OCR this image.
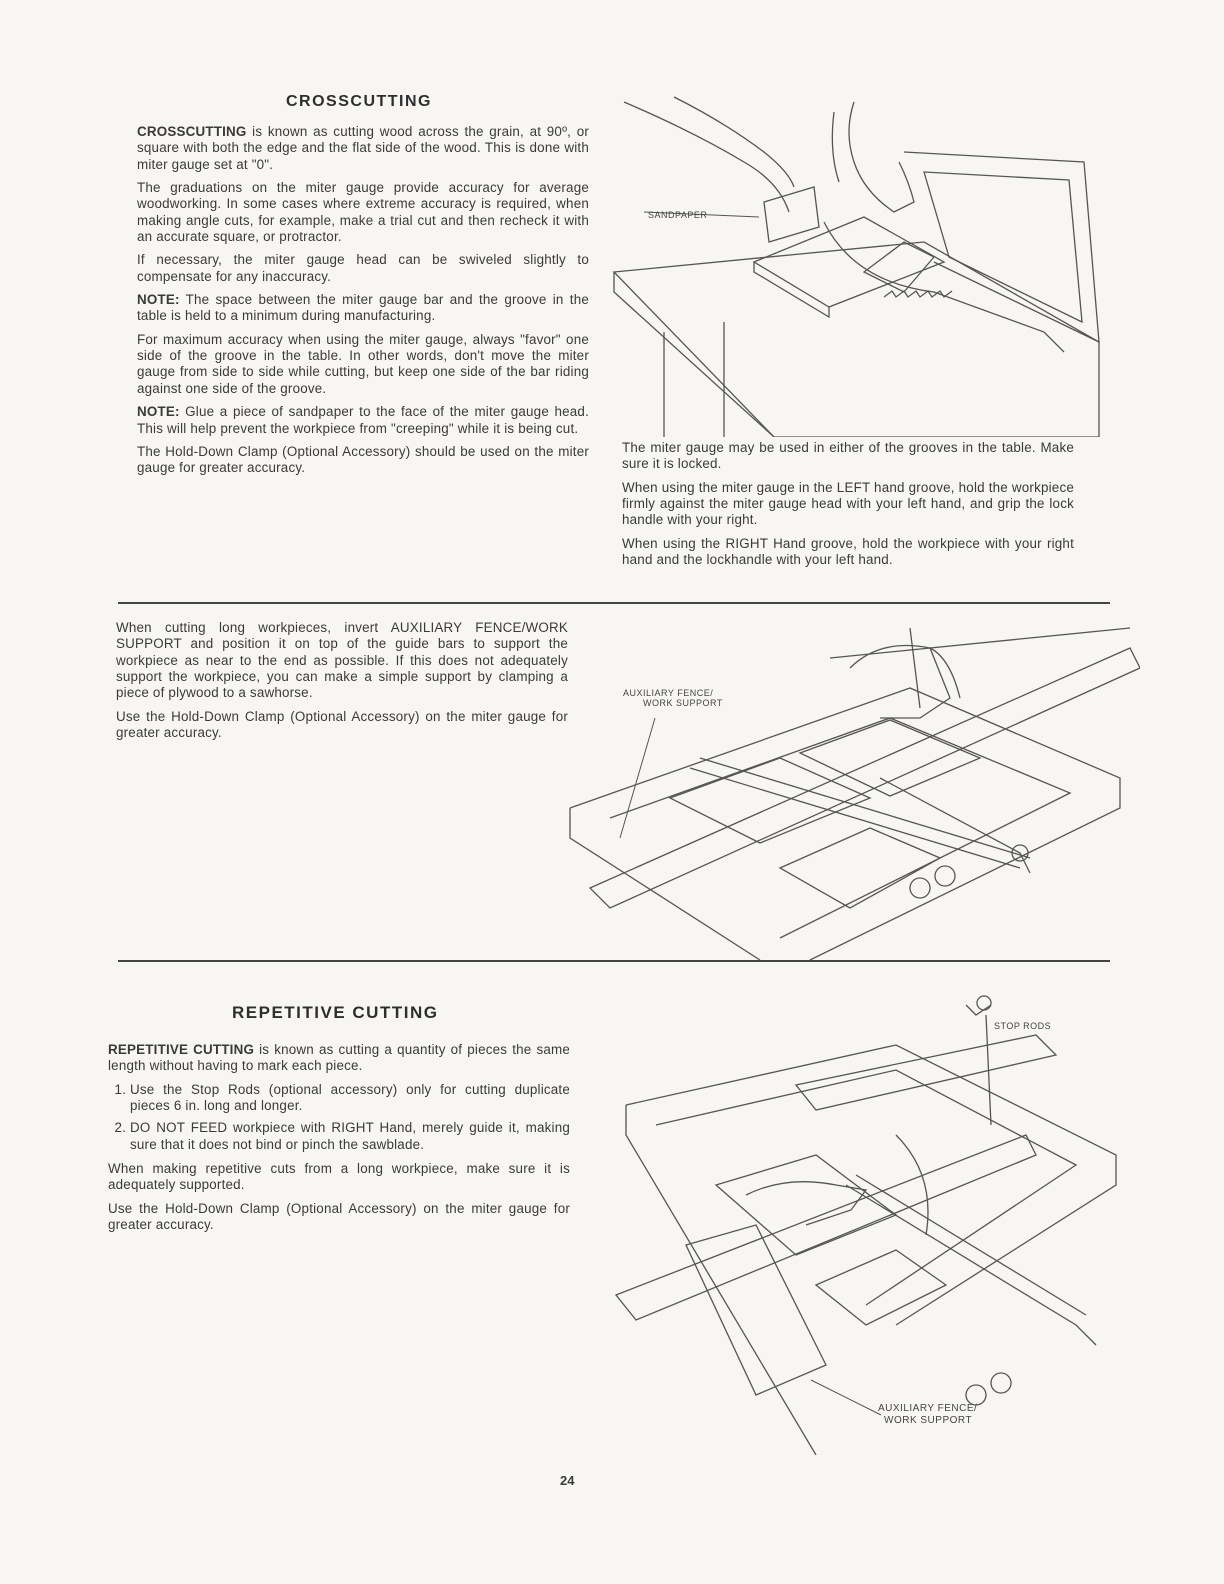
CROSSCUTTING

CROSSCUTTING is known as cutting wood across the grain, at 90º, or square with both the edge and the flat side of the wood. This is done with miter gauge set at "0".

The graduations on the miter gauge provide accuracy for average woodworking. In some cases where extreme accuracy is required, when making angle cuts, for example, make a trial cut and then recheck it with an accurate square, or protractor.

If necessary, the miter gauge head can be swiveled slightly to compensate for any inaccuracy.

NOTE: The space between the miter gauge bar and the groove in the table is held to a minimum during manufacturing.

For maximum accuracy when using the miter gauge, always "favor" one side of the groove in the table. In other words, don't move the miter gauge from side to side while cutting, but keep one side of the bar riding against one side of the groove.

NOTE: Glue a piece of sandpaper to the face of the miter gauge head. This will help prevent the workpiece from "creeping" while it is being cut.

The Hold-Down Clamp (Optional Accessory) should be used on the miter gauge for greater accuracy.

SANDPAPER

The miter gauge may be used in either of the grooves in the table. Make sure it is locked.

When using the miter gauge in the LEFT hand groove, hold the workpiece firmly against the miter gauge head with your left hand, and grip the lock handle with your right.

When using the RIGHT Hand groove, hold the workpiece with your right hand and the lockhandle with your left hand.

When cutting long workpieces, invert AUXILIARY FENCE/WORK SUPPORT and position it on top of the guide bars to support the workpiece as near to the end as possible. If this does not adequately support the workpiece, you can make a simple support by clamping a piece of plywood to a sawhorse.

Use the Hold-Down Clamp (Optional Accessory) on the miter gauge for greater accuracy.

AUXILIARY FENCE/
WORK SUPPORT
REPETITIVE CUTTING

REPETITIVE CUTTING is known as cutting a quantity of pieces the same length without having to mark each piece.

1. Use the Stop Rods (optional accessory) only for cutting duplicate pieces 6 in. long and longer.
2. DO NOT FEED workpiece with RIGHT Hand, merely guide it, making sure that it does not bind or pinch the sawblade.

When making repetitive cuts from a long workpiece, make sure it is adequately supported.

Use the Hold-Down Clamp (Optional Accessory) on the miter gauge for greater accuracy.

STOP RODS
AUXILIARY FENCE/
WORK SUPPORT
24
